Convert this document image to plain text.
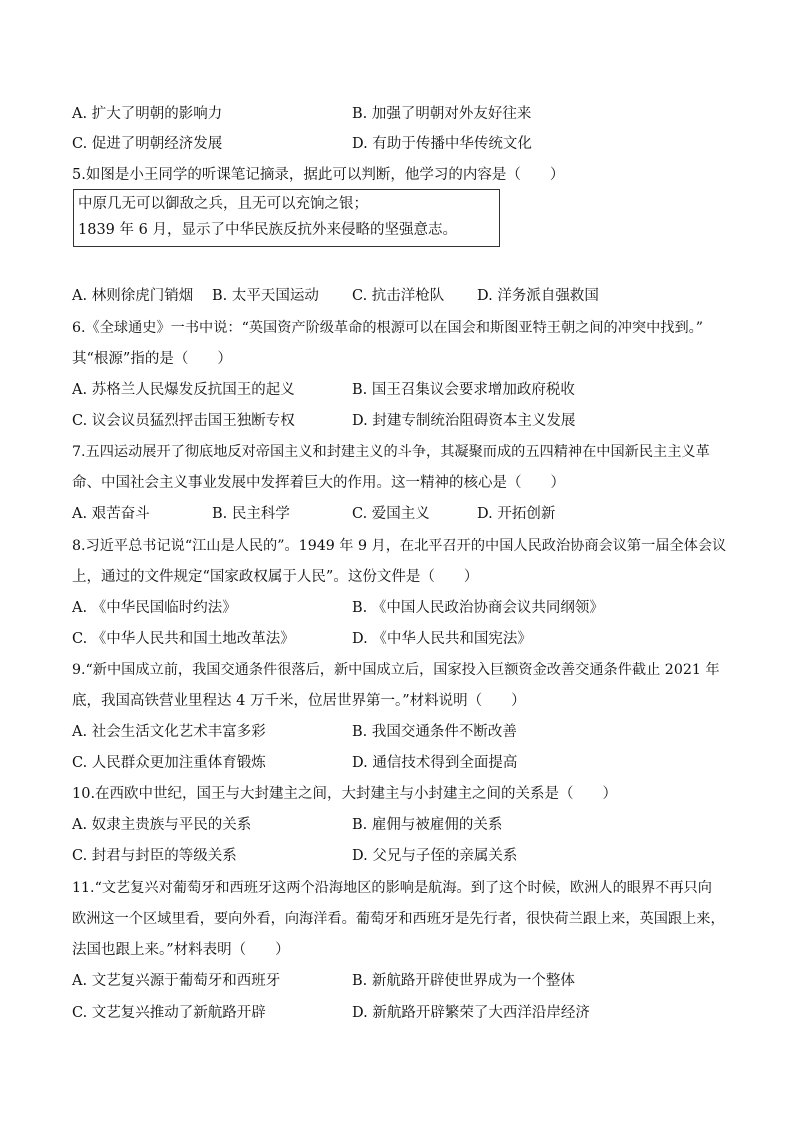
A. 扩大了明朝的影响力	B. 加强了明朝对外友好往来
C. 促进了明朝经济发展	D. 有助于传播中华传统文化
5.如图是小王同学的听课笔记摘录，据此可以判断，他学习的内容是（　　）
中原几无可以御敌之兵，且无可以充饷之银；
1839 年 6 月，显示了中华民族反抗外来侵略的坚强意志。
A. 林则徐虎门销烟 B. 太平天国运动 C. 抗击洋枪队 D. 洋务派自强救国
6.《全球通史》一书中说：“英国资产阶级革命的根源可以在国会和斯图亚特王朝之间的冲突中找到。”
其“根源”指的是（　　）
A. 苏格兰人民爆发反抗国王的起义	B. 国王召集议会要求增加政府税收
C. 议会议员猛烈抨击国王独断专权	D. 封建专制统治阻碍资本主义发展
7.五四运动展开了彻底地反对帝国主义和封建主义的斗争，其凝聚而成的五四精神在中国新民主主义革
命、中国社会主义事业发展中发挥着巨大的作用。这一精神的核心是（　　）
A. 艰苦奋斗	B. 民主科学	C. 爱国主义	D. 开拓创新
8.习近平总书记说“江山是人民的”。1949 年 9 月，在北平召开的中国人民政治协商会议第一届全体会议
上，通过的文件规定“国家政权属于人民”。这份文件是（　　）
A. 《中华民国临时约法》	B. 《中国人民政治协商会议共同纲领》
C. 《中华人民共和国土地改革法》	D. 《中华人民共和国宪法》
9.“新中国成立前，我国交通条件很落后，新中国成立后，国家投入巨额资金改善交通条件截止 2021 年
底，我国高铁营业里程达 4 万千米，位居世界第一。”材料说明（　　）
A. 社会生活文化艺术丰富多彩	B. 我国交通条件不断改善
C. 人民群众更加注重体育锻炼	D. 通信技术得到全面提高
10.在西欧中世纪，国王与大封建主之间，大封建主与小封建主之间的关系是（　　）
A. 奴隶主贵族与平民的关系	B. 雇佣与被雇佣的关系
C. 封君与封臣的等级关系	D. 父兄与子侄的亲属关系
11.“文艺复兴对葡萄牙和西班牙这两个沿海地区的影响是航海。到了这个时候，欧洲人的眼界不再只向
欧洲这一个区域里看，要向外看，向海洋看。葡萄牙和西班牙是先行者，很快荷兰跟上来，英国跟上来，
法国也跟上来。”材料表明（　　）
A. 文艺复兴源于葡萄牙和西班牙	B. 新航路开辟使世界成为一个整体
C. 文艺复兴推动了新航路开辟	D. 新航路开辟繁荣了大西洋沿岸经济
